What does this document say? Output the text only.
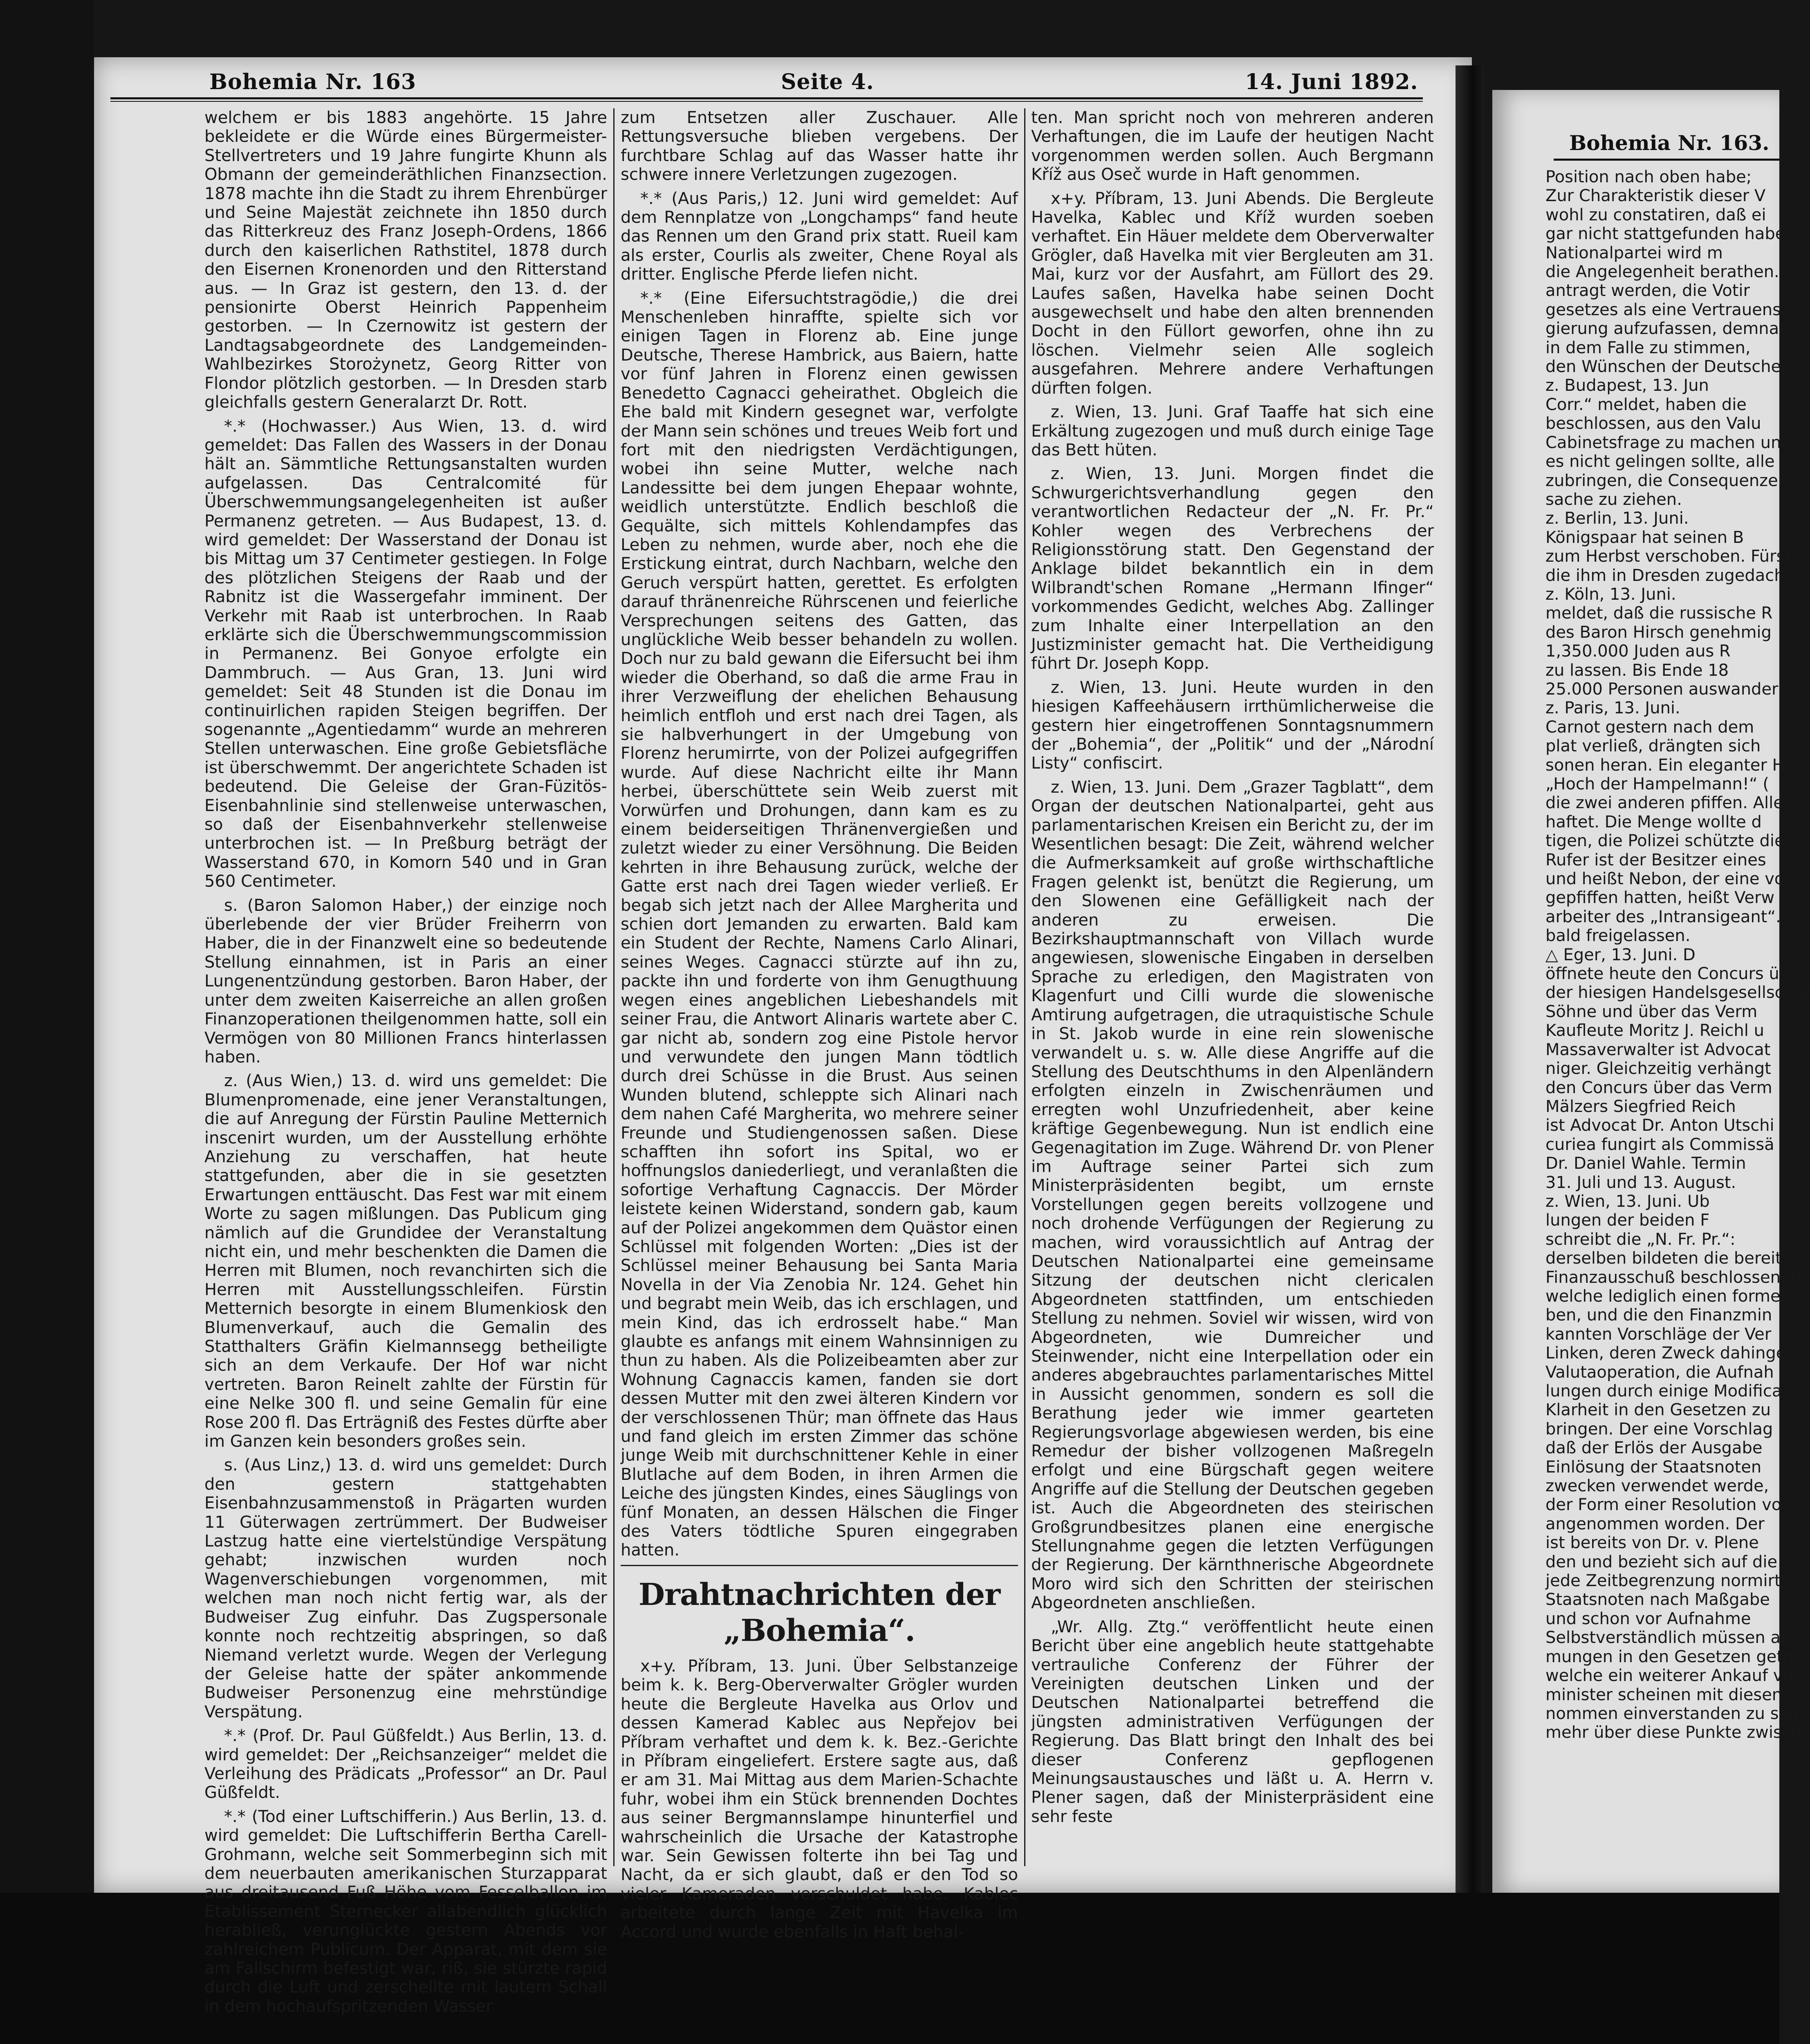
Bohemia Nr. 163	Seite 4.	14. Juni 1892.

welchem er bis 1883 angehörte. 15 Jahre bekleidete er die Würde eines Bürgermeister-Stellvertreters und 19 Jahre fungirte Khunn als Obmann der gemeinderäthlichen Finanzsection. 1878 machte ihn die Stadt zu ihrem Ehrenbürger und Seine Majestät zeichnete ihn 1850 durch das Ritterkreuz des Franz Joseph-Ordens, 1866 durch den kaiserlichen Rathstitel, 1878 durch den Eisernen Kronenorden und den Ritterstand aus. — In Graz ist gestern, den 13. d. der pensionirte Oberst Heinrich Pappenheim gestorben. — In Czernowitz ist gestern der Landtagsabgeordnete des Landgemeinden-Wahlbezirkes Storożynetz, Georg Ritter von Flondor plötzlich gestorben. — In Dresden starb gleichfalls gestern Generalarzt Dr. Rott.

*.* (Hochwasser.) Aus Wien, 13. d. wird gemeldet: Das Fallen des Wassers in der Donau hält an. Sämmtliche Rettungsanstalten wurden aufgelassen. Das Centralcomité für Überschwemmungsangelegenheiten ist außer Permanenz getreten. — Aus Budapest, 13. d. wird gemeldet: Der Wasserstand der Donau ist bis Mittag um 37 Centimeter gestiegen. In Folge des plötzlichen Steigens der Raab und der Rabnitz ist die Wassergefahr imminent. Der Verkehr mit Raab ist unterbrochen. In Raab erklärte sich die Überschwemmungscommission in Permanenz. Bei Gonyoe erfolgte ein Dammbruch. — Aus Gran, 13. Juni wird gemeldet: Seit 48 Stunden ist die Donau im continuirlichen rapiden Steigen begriffen. Der sogenannte „Agentiedamm“ wurde an mehreren Stellen unterwaschen. Eine große Gebietsfläche ist überschwemmt. Der angerichtete Schaden ist bedeutend. Die Geleise der Gran-Füzitös-Eisenbahnlinie sind stellenweise unterwaschen, so daß der Eisenbahnverkehr stellenweise unterbrochen ist. — In Preßburg beträgt der Wasserstand 670, in Komorn 540 und in Gran 560 Centimeter.

s. (Baron Salomon Haber,) der einzige noch überlebende der vier Brüder Freiherrn von Haber, die in der Finanzwelt eine so bedeutende Stellung einnahmen, ist in Paris an einer Lungenentzündung gestorben. Baron Haber, der unter dem zweiten Kaiserreiche an allen großen Finanzoperationen theilgenommen hatte, soll ein Vermögen von 80 Millionen Francs hinterlassen haben.

z. (Aus Wien,) 13. d. wird uns gemeldet: Die Blumenpromenade, eine jener Veranstaltungen, die auf Anregung der Fürstin Pauline Metternich inscenirt wurden, um der Ausstellung erhöhte Anziehung zu verschaffen, hat heute stattgefunden, aber die in sie gesetzten Erwartungen enttäuscht. Das Fest war mit einem Worte zu sagen mißlungen. Das Publicum ging nämlich auf die Grundidee der Veranstaltung nicht ein, und mehr beschenkten die Damen die Herren mit Blumen, noch revanchirten sich die Herren mit Ausstellungsschleifen. Fürstin Metternich besorgte in einem Blumenkiosk den Blumenverkauf, auch die Gemalin des Statthalters Gräfin Kielmannsegg betheiligte sich an dem Verkaufe. Der Hof war nicht vertreten. Baron Reinelt zahlte der Fürstin für eine Nelke 300 fl. und seine Gemalin für eine Rose 200 fl. Das Erträgniß des Festes dürfte aber im Ganzen kein besonders großes sein.

s. (Aus Linz,) 13. d. wird uns gemeldet: Durch den gestern stattgehabten Eisenbahnzusammenstoß in Prägarten wurden 11 Güterwagen zertrümmert. Der Budweiser Lastzug hatte eine viertelstündige Verspätung gehabt; inzwischen wurden noch Wagenverschiebungen vorgenommen, mit welchen man noch nicht fertig war, als der Budweiser Zug einfuhr. Das Zugspersonale konnte noch rechtzeitig abspringen, so daß Niemand verletzt wurde. Wegen der Verlegung der Geleise hatte der später ankommende Budweiser Personenzug eine mehrstündige Verspätung.

*.* (Prof. Dr. Paul Güßfeldt.) Aus Berlin, 13. d. wird gemeldet: Der „Reichsanzeiger“ meldet die Verleihung des Prädicats „Professor“ an Dr. Paul Güßfeldt.

*.* (Tod einer Luftschifferin.) Aus Berlin, 13. d. wird gemeldet: Die Luftschifferin Bertha Carell-Grohmann, welche seit Sommerbeginn sich mit dem neuerbauten amerikanischen Sturzapparat aus dreitausend Fuß Höhe vom Fesselballon im Etablissement Sternecker allabendlich glücklich herabließ, verunglückte gestern Abends vor zahlreichem Publicum. Der Apparat, mit dem sie am Fallschirm befestigt war, riß, sie stürzte rapid durch die Luft und zerschellte mit lautem Schall in dem hochaufspritzenden Wasser

zum Entsetzen aller Zuschauer. Alle Rettungsversuche blieben vergebens. Der furchtbare Schlag auf das Wasser hatte ihr schwere innere Verletzungen zugezogen.

*.* (Aus Paris,) 12. Juni wird gemeldet: Auf dem Rennplatze von „Longchamps“ fand heute das Rennen um den Grand prix statt. Rueil kam als erster, Courlis als zweiter, Chene Royal als dritter. Englische Pferde liefen nicht.

*.* (Eine Eifersuchtstragödie,) die drei Menschenleben hinraffte, spielte sich vor einigen Tagen in Florenz ab. Eine junge Deutsche, Therese Hambrick, aus Baiern, hatte vor fünf Jahren in Florenz einen gewissen Benedetto Cagnacci geheirathet. Obgleich die Ehe bald mit Kindern gesegnet war, verfolgte der Mann sein schönes und treues Weib fort und fort mit den niedrigsten Verdächtigungen, wobei ihn seine Mutter, welche nach Landessitte bei dem jungen Ehepaar wohnte, weidlich unterstützte. Endlich beschloß die Gequälte, sich mittels Kohlendampfes das Leben zu nehmen, wurde aber, noch ehe die Erstickung eintrat, durch Nachbarn, welche den Geruch verspürt hatten, gerettet. Es erfolgten darauf thränenreiche Rührscenen und feierliche Versprechungen seitens des Gatten, das unglückliche Weib besser behandeln zu wollen. Doch nur zu bald gewann die Eifersucht bei ihm wieder die Oberhand, so daß die arme Frau in ihrer Verzweiflung der ehelichen Behausung heimlich entfloh und erst nach drei Tagen, als sie halbverhungert in der Umgebung von Florenz herumirrte, von der Polizei aufgegriffen wurde. Auf diese Nachricht eilte ihr Mann herbei, überschüttete sein Weib zuerst mit Vorwürfen und Drohungen, dann kam es zu einem beiderseitigen Thränenvergießen und zuletzt wieder zu einer Versöhnung. Die Beiden kehrten in ihre Behausung zurück, welche der Gatte erst nach drei Tagen wieder verließ. Er begab sich jetzt nach der Allee Margherita und schien dort Jemanden zu erwarten. Bald kam ein Student der Rechte, Namens Carlo Alinari, seines Weges. Cagnacci stürzte auf ihn zu, packte ihn und forderte von ihm Genugthuung wegen eines angeblichen Liebeshandels mit seiner Frau, die Antwort Alinaris wartete aber C. gar nicht ab, sondern zog eine Pistole hervor und verwundete den jungen Mann tödtlich durch drei Schüsse in die Brust. Aus seinen Wunden blutend, schleppte sich Alinari nach dem nahen Café Margherita, wo mehrere seiner Freunde und Studiengenossen saßen. Diese schafften ihn sofort ins Spital, wo er hoffnungslos daniederliegt, und veranlaßten die sofortige Verhaftung Cagnaccis. Der Mörder leistete keinen Widerstand, sondern gab, kaum auf der Polizei angekommen dem Quästor einen Schlüssel mit folgenden Worten: „Dies ist der Schlüssel meiner Behausung bei Santa Maria Novella in der Via Zenobia Nr. 124. Gehet hin und begrabt mein Weib, das ich erschlagen, und mein Kind, das ich erdrosselt habe.“ Man glaubte es anfangs mit einem Wahnsinnigen zu thun zu haben. Als die Polizeibeamten aber zur Wohnung Cagnaccis kamen, fanden sie dort dessen Mutter mit den zwei älteren Kindern vor der verschlossenen Thür; man öffnete das Haus und fand gleich im ersten Zimmer das schöne junge Weib mit durchschnittener Kehle in einer Blutlache auf dem Boden, in ihren Armen die Leiche des jüngsten Kindes, eines Säuglings von fünf Monaten, an dessen Hälschen die Finger des Vaters tödtliche Spuren eingegraben hatten.

Drahtnachrichten der „Bohemia“.

x+y. Příbram, 13. Juni. Über Selbstanzeige beim k. k. Berg-Oberverwalter Grögler wurden heute die Bergleute Havelka aus Orlov und dessen Kamerad Kablec aus Nepřejov bei Příbram verhaftet und dem k. k. Bez.-Gerichte in Příbram eingeliefert. Erstere sagte aus, daß er am 31. Mai Mittag aus dem Marien-Schachte fuhr, wobei ihm ein Stück brennenden Dochtes aus seiner Bergmannslampe hinunterfiel und wahrscheinlich die Ursache der Katastrophe war. Sein Gewissen folterte ihn bei Tag und Nacht, da er sich glaubt, daß er den Tod so vieler Kameraden verschuldet habe. Kablec arbeitete durch lange Zeit mit Havelka im Accord und wurde ebenfalls in Haft behal-

ten. Man spricht noch von mehreren anderen Verhaftungen, die im Laufe der heutigen Nacht vorgenommen werden sollen. Auch Bergmann Kříž aus Oseč wurde in Haft genommen.

x+y. Příbram, 13. Juni Abends. Die Bergleute Havelka, Kablec und Kříž wurden soeben verhaftet. Ein Häuer meldete dem Oberverwalter Grögler, daß Havelka mit vier Bergleuten am 31. Mai, kurz vor der Ausfahrt, am Füllort des 29. Laufes saßen, Havelka habe seinen Docht ausgewechselt und habe den alten brennenden Docht in den Füllort geworfen, ohne ihn zu löschen. Vielmehr seien Alle sogleich ausgefahren. Mehrere andere Verhaftungen dürften folgen.

z. Wien, 13. Juni. Graf Taaffe hat sich eine Erkältung zugezogen und muß durch einige Tage das Bett hüten.

z. Wien, 13. Juni. Morgen findet die Schwurgerichtsverhandlung gegen den verantwortlichen Redacteur der „N. Fr. Pr.“ Kohler wegen des Verbrechens der Religionsstörung statt. Den Gegenstand der Anklage bildet bekanntlich ein in dem Wilbrandt'schen Romane „Hermann Ifinger“ vorkommendes Gedicht, welches Abg. Zallinger zum Inhalte einer Interpellation an den Justizminister gemacht hat. Die Vertheidigung führt Dr. Joseph Kopp.

z. Wien, 13. Juni. Heute wurden in den hiesigen Kaffeehäusern irrthümlicherweise die gestern hier eingetroffenen Sonntagsnummern der „Bohemia“, der „Politik“ und der „Národní Listy“ confiscirt.

z. Wien, 13. Juni. Dem „Grazer Tagblatt“, dem Organ der deutschen Nationalpartei, geht aus parlamentarischen Kreisen ein Bericht zu, der im Wesentlichen besagt: Die Zeit, während welcher die Aufmerksamkeit auf große wirthschaftliche Fragen gelenkt ist, benützt die Regierung, um den Slowenen eine Gefälligkeit nach der anderen zu erweisen. Die Bezirkshauptmannschaft von Villach wurde angewiesen, slowenische Eingaben in derselben Sprache zu erledigen, den Magistraten von Klagenfurt und Cilli wurde die slowenische Amtirung aufgetragen, die utraquistische Schule in St. Jakob wurde in eine rein slowenische verwandelt u. s. w. Alle diese Angriffe auf die Stellung des Deutschthums in den Alpenländern erfolgten einzeln in Zwischenräumen und erregten wohl Unzufriedenheit, aber keine kräftige Gegenbewegung. Nun ist endlich eine Gegenagitation im Zuge. Während Dr. von Plener im Auftrage seiner Partei sich zum Ministerpräsidenten begibt, um ernste Vorstellungen gegen bereits vollzogene und noch drohende Verfügungen der Regierung zu machen, wird voraussichtlich auf Antrag der Deutschen Nationalpartei eine gemeinsame Sitzung der deutschen nicht clericalen Abgeordneten stattfinden, um entschieden Stellung zu nehmen. Soviel wir wissen, wird von Abgeordneten, wie Dumreicher und Steinwender, nicht eine Interpellation oder ein anderes abgebrauchtes parlamentarisches Mittel in Aussicht genommen, sondern es soll die Berathung jeder wie immer gearteten Regierungsvorlage abgewiesen werden, bis eine Remedur der bisher vollzogenen Maßregeln erfolgt und eine Bürgschaft gegen weitere Angriffe auf die Stellung der Deutschen gegeben ist. Auch die Abgeordneten des steirischen Großgrundbesitzes planen eine energische Stellungnahme gegen die letzten Verfügungen der Regierung. Der kärnthnerische Abgeordnete Moro wird sich den Schritten der steirischen Abgeordneten anschließen.

„Wr. Allg. Ztg.“ veröffentlicht heute einen Bericht über eine angeblich heute stattgehabte vertrauliche Conferenz der Führer der Vereinigten deutschen Linken und der Deutschen Nationalpartei betreffend die jüngsten administrativen Verfügungen der Regierung. Das Blatt bringt den Inhalt des bei dieser Conferenz gepflogenen Meinungsaustausches und läßt u. A. Herrn v. Plener sagen, daß der Ministerpräsident eine sehr feste

Bohemia Nr. 163.
Position nach oben habe;
Zur Charakteristik dieser V
wohl zu constatiren, daß ei
gar nicht stattgefunden habe.
Nationalpartei wird m
die Angelegenheit berathen.
antragt werden, die Votir
gesetzes als eine Vertrauens
gierung aufzufassen, demnac
in dem Falle zu stimmen,
den Wünschen der Deutschen
z. Budapest, 13. Jun
Corr.“ meldet, haben die
beschlossen, aus den Valu
Cabinetsfrage zu machen un
es nicht gelingen sollte, alle
zubringen, die Consequenzen
sache zu ziehen.
z. Berlin, 13. Juni.
Königspaar hat seinen B
zum Herbst verschoben. Fürst
die ihm in Dresden zugedach
z. Köln, 13. Juni.
meldet, daß die russische R
des Baron Hirsch genehmig
1,350.000 Juden aus R
zu lassen. Bis Ende 18
25.000 Personen auswander
z. Paris, 13. Juni.
Carnot gestern nach dem
plat verließ, drängten sich
sonen heran. Ein eleganter H
„Hoch der Hampelmann!“ (
die zwei anderen pfiffen. Alle
haftet. Die Menge wollte d
tigen, die Polizei schützte die
Rufer ist der Besitzer eines
und heißt Nebon, der eine vo
gepfiffen hatten, heißt Verw
arbeiter des „Intransigeant“.
bald freigelassen.
△ Eger, 13. Juni. D
öffnete heute den Concurs ü
der hiesigen Handelsgesellschaf
Söhne und über das Verm
Kaufleute Moritz J. Reichl u
Massaverwalter ist Advocat
niger. Gleichzeitig verhängt
den Concurs über das Verm
Mälzers Siegfried Reich
ist Advocat Dr. Anton Utschi
curiea fungirt als Commissä
Dr. Daniel Wahle. Termin
31. Juli und 13. August.
z. Wien, 13. Juni. Ub
lungen der beiden F
schreibt die „N. Fr. Pr.“:
derselben bildeten die bereit
Finanzausschuß beschlossenen
welche lediglich einen formel
ben, und die den Finanzmin
kannten Vorschläge der Ver
Linken, deren Zweck dahinge
Valutaoperation, die Aufnah
lungen durch einige Modifica
Klarheit in den Gesetzen zu
bringen. Der eine Vorschlag
daß der Erlös der Ausgabe
Einlösung der Staatsnoten
zwecken verwendet werde,
der Form einer Resolution vo
angenommen worden. Der
ist bereits von Dr. v. Plene
den und bezieht sich auf die
jede Zeitbegrenzung normirt
Staatsnoten nach Maßgabe
und schon vor Aufnahme
Selbstverständlich müssen au
mungen in den Gesetzen getro
welche ein weiterer Ankauf vo
minister scheinen mit diesen
nommen einverstanden zu sein
mehr über diese Punkte zwisch
